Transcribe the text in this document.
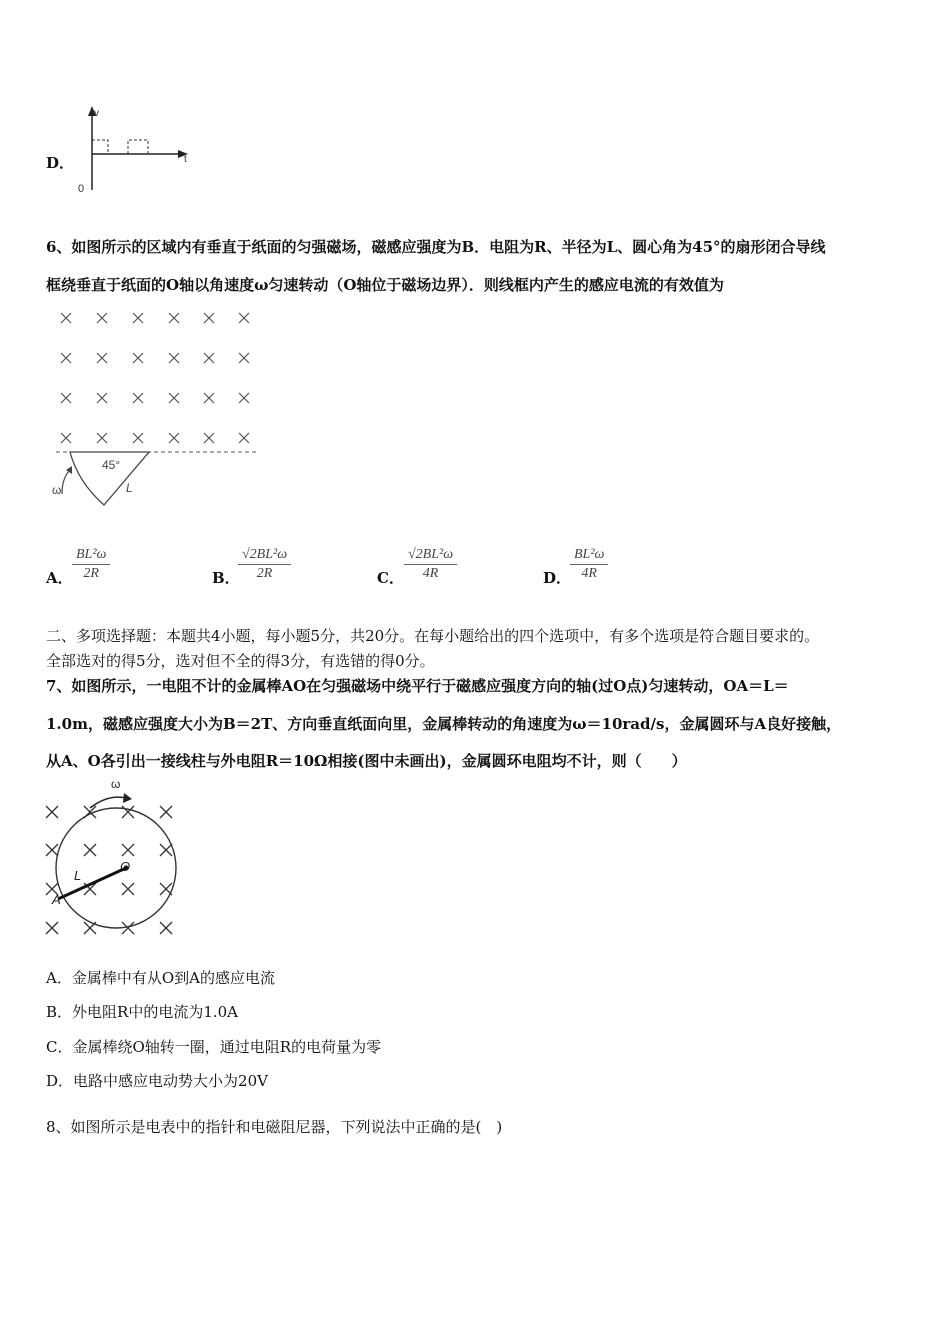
D．
v
t
0
6、如图所示的区域内有垂直于纸面的匀强磁场，磁感应强度为B．电阻为R、半径为L、圆心角为45°的扇形闭合导线
框绕垂直于纸面的O轴以角速度ω匀速转动（O轴位于磁场边界）．则线框内产生的感应电流的有效值为
45°
L
ω
A． $\frac{\text{BL²ω}}{2R}$	B．
$\frac{\text{√2BL²ω}}{2R}$	C． $\frac{\text{√2BL²ω}}{4R}$	D．
$\frac{\text{BL²ω}}{4R}$
二、多项选择题：本题共4小题，每小题5分，共20分。在每小题给出的四个选项中，有多个选项是符合题目要求的。
全部选对的得5分，选对但不全的得3分，有选错的得0分。
7、如图所示，一电阻不计的金属棒AO在匀强磁场中绕平行于磁感应强度方向的轴(过O点)匀速转动，OA＝L＝
1.0m，磁感应强度大小为B＝2T、方向垂直纸面向里，金属棒转动的角速度为ω＝10rad/s，金属圆环与A良好接触，
从A、O各引出一接线柱与外电阻R＝10Ω相接(图中未画出)，金属圆环电阻均不计，则（　　）
O
L
A
ω
A．金属棒中有从O到A的感应电流
B．外电阻R中的电流为1.0A
C．金属棒绕O轴转一圈，通过电阻R的电荷量为零
D．电路中感应电动势大小为20V
8、如图所示是电表中的指针和电磁阻尼器，下列说法中正确的是(　)
